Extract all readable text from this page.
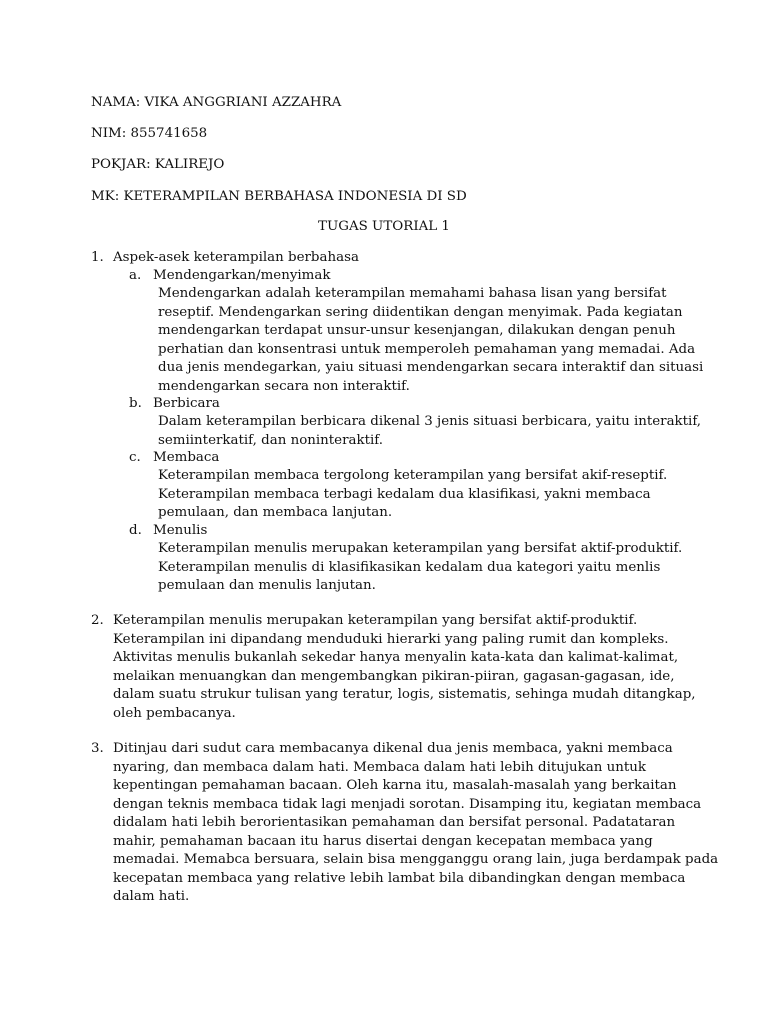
NAMA: VIKA ANGGRIANI AZZAHRA
NIM: 855741658
POKJAR: KALIREJO
MK: KETERAMPILAN BERBAHASA INDONESIA DI SD
TUGAS UTORIAL 1
1. Aspek-asek keterampilan berbahasa
a. Mendengarkan/menyimak
Mendengarkan adalah keterampilan memahami bahasa lisan yang bersifat
reseptif. Mendengarkan sering diidentikan dengan menyimak. Pada kegiatan
mendengarkan terdapat unsur-unsur kesenjangan, dilakukan dengan penuh
perhatian dan konsentrasi untuk memperoleh pemahaman yang memadai. Ada
dua jenis mendegarkan, yaiu situasi mendengarkan secara interaktif dan situasi
mendengarkan secara non interaktif.
b. Berbicara
Dalam keterampilan berbicara dikenal 3 jenis situasi berbicara, yaitu interaktif,
semiinterkatif, dan noninteraktif.
c. Membaca
Keterampilan membaca tergolong keterampilan yang bersifat akif-reseptif.
Keterampilan membaca terbagi kedalam dua klasifikasi, yakni membaca
pemulaan, dan membaca lanjutan.
d. Menulis
Keterampilan menulis merupakan keterampilan yang bersifat aktif-produktif.
Keterampilan menulis di klasifikasikan kedalam dua kategori yaitu menlis
pemulaan dan menulis lanjutan.
2. Keterampilan menulis merupakan keterampilan yang bersifat aktif-produktif.
Keterampilan ini dipandang menduduki hierarki yang paling rumit dan kompleks.
Aktivitas menulis bukanlah sekedar hanya menyalin kata-kata dan kalimat-kalimat,
melaikan menuangkan dan mengembangkan pikiran-piiran, gagasan-gagasan, ide,
dalam suatu strukur tulisan yang teratur, logis, sistematis, sehinga mudah ditangkap,
oleh pembacanya.
3. Ditinjau dari sudut cara membacanya dikenal dua jenis membaca, yakni membaca
nyaring, dan membaca dalam hati. Membaca dalam hati lebih ditujukan untuk
kepentingan pemahaman bacaan. Oleh karna itu, masalah-masalah yang berkaitan
dengan teknis membaca tidak lagi menjadi sorotan. Disamping itu, kegiatan membaca
didalam hati lebih berorientasikan pemahaman dan bersifat personal. Padatataran
mahir, pemahaman bacaan itu harus disertai dengan kecepatan membaca yang
memadai. Memabca bersuara, selain bisa mengganggu orang lain, juga berdampak pada
kecepatan membaca yang relative lebih lambat bila dibandingkan dengan membaca
dalam hati.
